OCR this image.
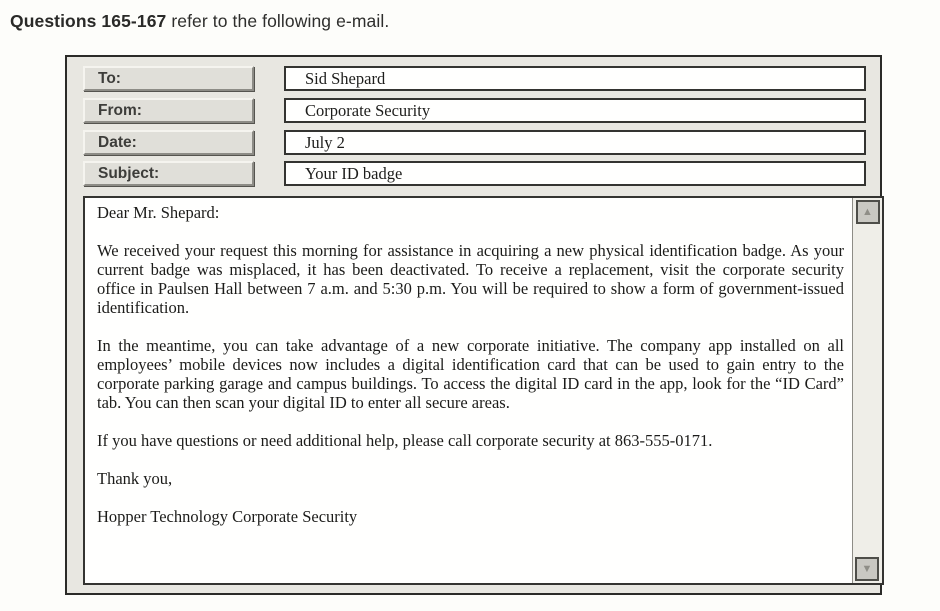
Questions 165-167 refer to the following e-mail.
To:	Sid Shepard
From:	Corporate Security
Date:	July 2
Subject:	Your ID badge

Dear Mr. Shepard:

We received your request this morning for assistance in acquiring a new physical identification badge. As your current badge was misplaced, it has been deactivated. To receive a replacement, visit the corporate security office in Paulsen Hall between 7 a.m. and 5:30 p.m. You will be required to show a form of government-issued identification.

In the meantime, you can take advantage of a new corporate initiative. The company app installed on all employees’ mobile devices now includes a digital identification card that can be used to gain entry to the corporate parking garage and campus buildings. To access the digital ID card in the app, look for the “ID Card” tab. You can then scan your digital ID to enter all secure areas.

If you have questions or need additional help, please call corporate security at 863-555-0171.

Thank you,

Hopper Technology Corporate Security

▲
▼
